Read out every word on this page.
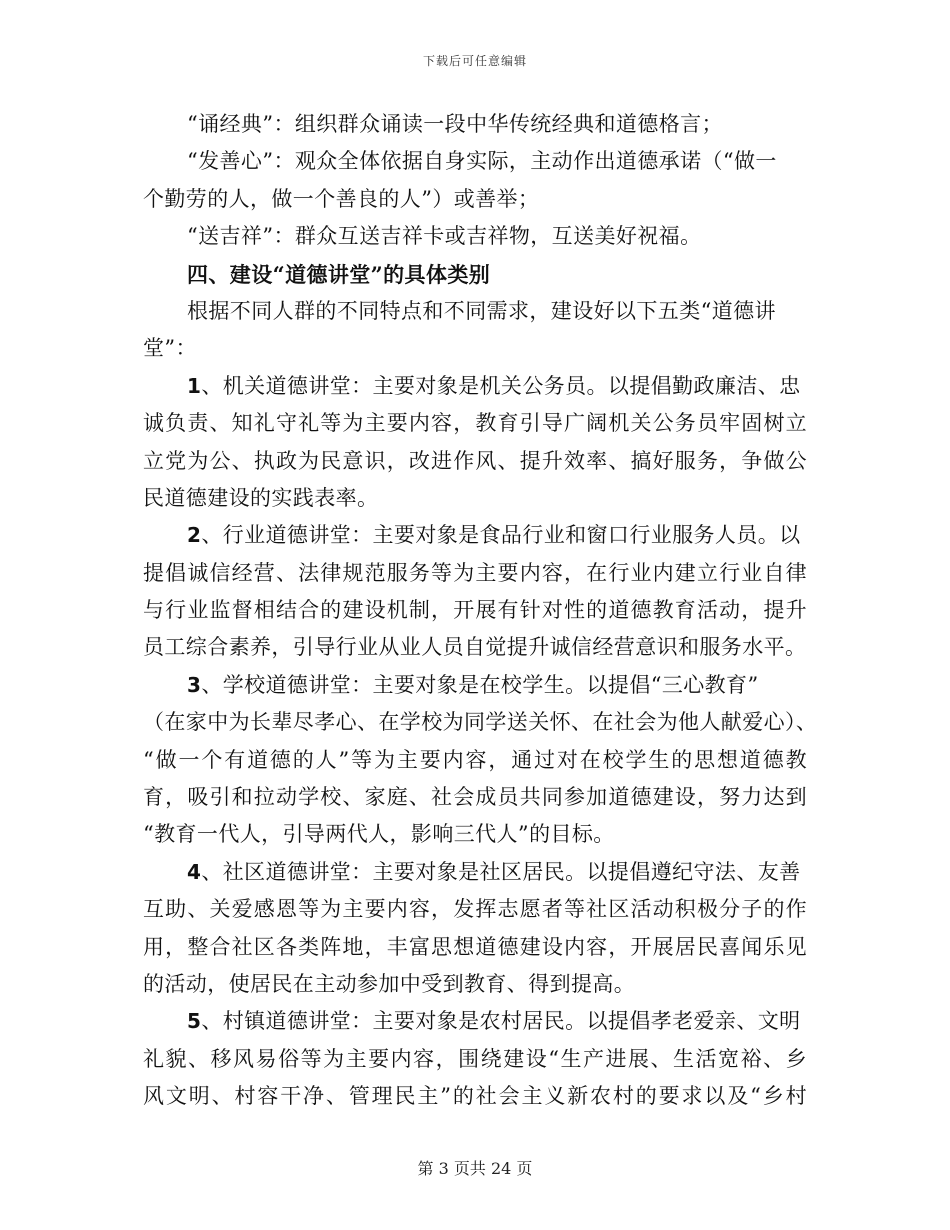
下载后可任意编辑
“诵经典”：组织群众诵读一段中华传统经典和道德格言；
“发善心”：观众全体依据自身实际，主动作出道德承诺（“做一
个勤劳的人，做一个善良的人”）或善举；
“送吉祥”：群众互送吉祥卡或吉祥物，互送美好祝福。
四、建设“道德讲堂”的具体类别
根据不同人群的不同特点和不同需求，建设好以下五类“道德讲
堂”：
1、机关道德讲堂：主要对象是机关公务员。以提倡勤政廉洁、忠
诚负责、知礼守礼等为主要内容，教育引导广阔机关公务员牢固树立
立党为公、执政为民意识，改进作风、提升效率、搞好服务，争做公
民道德建设的实践表率。
2、行业道德讲堂：主要对象是食品行业和窗口行业服务人员。以
提倡诚信经营、法律规范服务等为主要内容，在行业内建立行业自律
与行业监督相结合的建设机制，开展有针对性的道德教育活动，提升
员工综合素养，引导行业从业人员自觉提升诚信经营意识和服务水平。
3、学校道德讲堂：主要对象是在校学生。以提倡“三心教育”
（在家中为长辈尽孝心、在学校为同学送关怀、在社会为他人献爱心）、
“做一个有道德的人”等为主要内容，通过对在校学生的思想道德教
育，吸引和拉动学校、家庭、社会成员共同参加道德建设，努力达到
“教育一代人，引导两代人，影响三代人”的目标。
4、社区道德讲堂：主要对象是社区居民。以提倡遵纪守法、友善
互助、关爱感恩等为主要内容，发挥志愿者等社区活动积极分子的作
用，整合社区各类阵地，丰富思想道德建设内容，开展居民喜闻乐见
的活动，使居民在主动参加中受到教育、得到提高。
5、村镇道德讲堂：主要对象是农村居民。以提倡孝老爱亲、文明
礼貌、移风易俗等为主要内容，围绕建设“生产进展、生活宽裕、乡
风文明、村容干净、管理民主”的社会主义新农村的要求以及“乡村
第 3 页共 24 页
